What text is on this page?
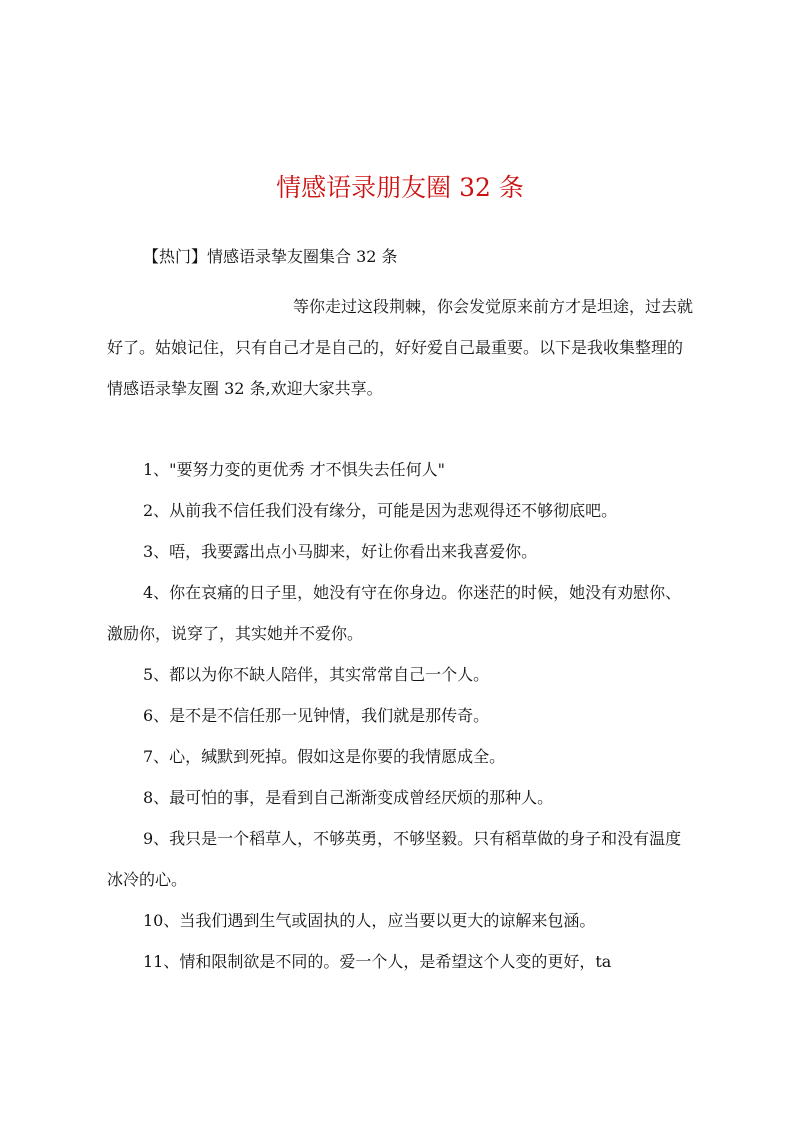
情感语录朋友圈 32 条
【热门】情感语录挚友圈集合 32 条

等你走过这段荆棘，你会发觉原来前方才是坦途，过去就好了。姑娘记住，只有自己才是自己的，好好爱自己最重要。以下是我收集整理的情感语录挚友圈 32 条,欢迎大家共享。

1、"要努力变的更优秀 才不惧失去任何人"
2、从前我不信任我们没有缘分，可能是因为悲观得还不够彻底吧。
3、唔，我要露出点小马脚来，好让你看出来我喜爱你。
4、你在哀痛的日子里，她没有守在你身边。你迷茫的时候，她没有劝慰你、激励你，说穿了，其实她并不爱你。
5、都以为你不缺人陪伴，其实常常自己一个人。
6、是不是不信任那一见钟情，我们就是那传奇。
7、心，缄默到死掉。假如这是你要的我情愿成全。
8、最可怕的事，是看到自己渐渐变成曾经厌烦的那种人。
9、我只是一个稻草人，不够英勇，不够坚毅。只有稻草做的身子和没有温度冰冷的心。
10、当我们遇到生气或固执的人，应当要以更大的谅解来包涵。
11、情和限制欲是不同的。爱一个人，是希望这个人变的更好，ta
